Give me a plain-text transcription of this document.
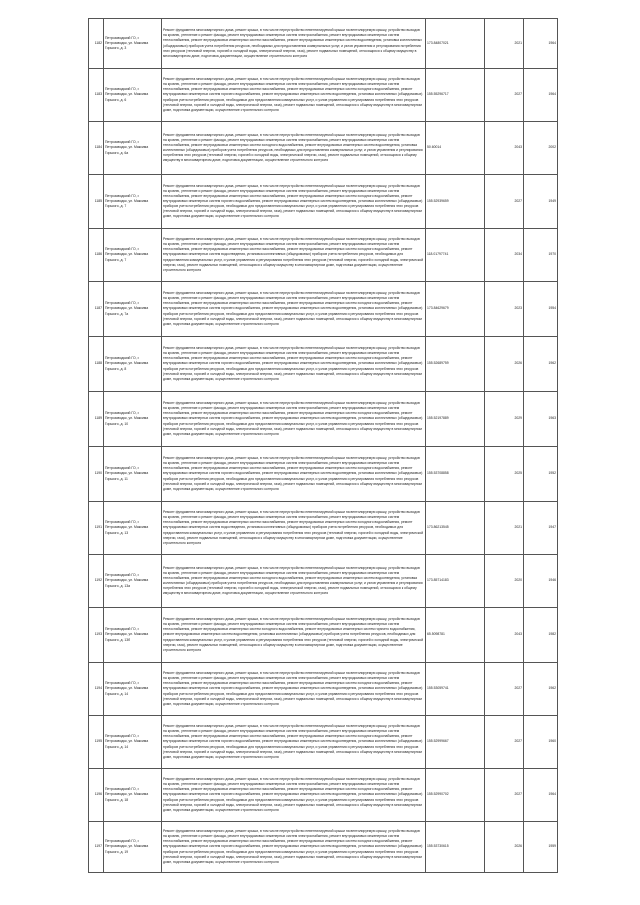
1182	Петрозаводский ГО, г. Петрозаводск, ул. Максима Горького, д. 3	Ремонт фундамента многоквартирного дома, ремонт крыши, в том числе переустройство невентилируемой крыши на вентилируемую крышу, устройство выходов на кровлю, утепление и ремонт фасада, ремонт внутридомовых инженерных систем электроснабжения, ремонт внутридомовых инженерных систем теплоснабжения, ремонт внутридомовых инженерных систем газоснабжения, ремонт внутридомовых инженерных систем водоотведения, установка коллективных (общедомовых) приборов учета потребления ресурсов, необходимых для предоставления коммунальных услуг, и узлов управления и регулирования потребления этих ресурсов (тепловой энергии, горячей и холодной воды, электрической энергии, газа), ремонт подвальных помещений, относящихся к общему имуществу в многоквартирном доме, подготовка документации, осуществление строительного контроля	173.84807021	2021	1964
1183	Петрозаводский ГО, г. Петрозаводск, ул. Максима Горького, д. 6	Ремонт фундамента многоквартирного дома, ремонт крыши, в том числе переустройство невентилируемой крыши на вентилируемую крышу, устройство выходов на кровлю, утепление и ремонт фасада, ремонт внутридомовых инженерных систем электроснабжения, ремонт внутридомовых инженерных систем теплоснабжения, ремонт внутридомовых инженерных систем газоснабжения, ремонт внутридомовых инженерных систем холодного водоснабжения, ремонт внутридомовых инженерных систем горячего водоснабжения, ремонт внутридомовых инженерных систем водоотведения, установка коллективных (общедомовых) приборов учета потребления ресурсов, необходимых для предоставления коммунальных услуг, и узлов управления и регулирования потребления этих ресурсов (тепловой энергии, горячей и холодной воды, электрической энергии, газа), ремонт подвальных помещений, относящихся к общему имуществу в многоквартирном доме, подготовка документации, осуществление строительного контроля	155.55296717	2027	1964
1184	Петрозаводский ГО, г. Петрозаводск, ул. Максима Горького, д. 6а	Ремонт фундамента многоквартирного дома, ремонт крыши, в том числе переустройство невентилируемой крыши на вентилируемую крышу, устройство выходов на кровлю, утепление и ремонт фасада, ремонт внутридомовых инженерных систем электроснабжения, ремонт внутридомовых инженерных систем теплоснабжения, ремонт внутридомовых инженерных систем холодного водоснабжения, ремонт внутридомовых инженерных систем водоотведения, установка коллективных (общедомовых) приборов учета потребления ресурсов, необходимых для предоставления коммунальных услуг, и узлов управления и регулирования потребления этих ресурсов (тепловой энергии, горячей и холодной воды, электрической энергии, газа), ремонт подвальных помещений, относящихся к общему имуществу в многоквартирном доме, подготовка документации, осуществление строительного контроля	50.60014	2043	2002
1185	Петрозаводский ГО, г. Петрозаводск, ул. Максима Горького, д. 7	Ремонт фундамента многоквартирного дома, ремонт крыши, в том числе переустройство невентилируемой крыши на вентилируемую крышу, устройство выходов на кровлю, утепление и ремонт фасада, ремонт внутридомовых инженерных систем электроснабжения, ремонт внутридомовых инженерных систем теплоснабжения, ремонт внутридомовых инженерных систем газоснабжения, ремонт внутридомовых инженерных систем холодного водоснабжения, ремонт внутридомовых инженерных систем горячего водоснабжения, ремонт внутридомовых инженерных систем водоотведения, установка коллективных (общедомовых) приборов учета потребления ресурсов, необходимых для предоставления коммунальных услуг, и узлов управления и регулирования потребления этих ресурсов (тепловой энергии, горячей и холодной воды, электрической энергии, газа), ремонт подвальных помещений, относящихся к общему имуществу в многоквартирном доме, подготовка документации, осуществление строительного контроля	155.52939659	2027	1949
1186	Петрозаводский ГО, г. Петрозаводск, ул. Максима Горького, д. 7	Ремонт фундамента многоквартирного дома, ремонт крыши, в том числе переустройство невентилируемой крыши на вентилируемую крышу, устройство выходов на кровлю, утепление и ремонт фасада, ремонт внутридомовых инженерных систем электроснабжения, ремонт внутридомовых инженерных систем теплоснабжения, ремонт внутридомовых инженерных систем газоснабжения, ремонт внутридомовых инженерных систем холодного водоснабжения, ремонт внутридомовых инженерных систем водоотведения, установка коллективных (общедомовых) приборов учета потребления ресурсов, необходимых для предоставления коммунальных услуг, и узлов управления и регулирования потребления этих ресурсов (тепловой энергии, горячей и холодной воды, электрической энергии, газа), ремонт подвальных помещений, относящихся к общему имуществу в многоквартирном доме, подготовка документации, осуществление строительного контроля	118.01797741	2034	1970
1187	Петрозаводский ГО, г. Петрозаводск, ул. Максима Горького, д. 7а	Ремонт фундамента многоквартирного дома, ремонт крыши, в том числе переустройство невентилируемой крыши на вентилируемую крышу, устройство выходов на кровлю, утепление и ремонт фасада, ремонт внутридомовых инженерных систем электроснабжения, ремонт внутридомовых инженерных систем теплоснабжения, ремонт внутридомовых инженерных систем газоснабжения, ремонт внутридомовых инженерных систем холодного водоснабжения, ремонт внутридомовых инженерных систем горячего водоснабжения, ремонт внутридомовых инженерных систем водоотведения, установка коллективных (общедомовых) приборов учета потребления ресурсов, необходимых для предоставления коммунальных услуг, и узлов управления и регулирования потребления этих ресурсов (тепловой энергии, горячей и холодной воды, электрической энергии, газа), ремонт подвальных помещений, относящихся к общему имуществу в многоквартирном доме, подготовка документации, осуществление строительного контроля	173.84629679	2023	1954
1188	Петрозаводский ГО, г. Петрозаводск, ул. Максима Горького, д. 8	Ремонт фундамента многоквартирного дома, ремонт крыши, в том числе переустройство невентилируемой крыши на вентилируемую крышу, устройство выходов на кровлю, утепление и ремонт фасада, ремонт внутридомовых инженерных систем электроснабжения, ремонт внутридомовых инженерных систем теплоснабжения, ремонт внутридомовых инженерных систем газоснабжения, ремонт внутридомовых инженерных систем холодного водоснабжения, ремонт внутридомовых инженерных систем горячего водоснабжения, ремонт внутридомовых инженерных систем водоотведения, установка коллективных (общедомовых) приборов учета потребления ресурсов, необходимых для предоставления коммунальных услуг, и узлов управления и регулирования потребления этих ресурсов (тепловой энергии, горячей и холодной воды, электрической энергии, газа), ремонт подвальных помещений, относящихся к общему имуществу в многоквартирном доме, подготовка документации, осуществление строительного контроля	155.52689759	2026	1962
1189	Петрозаводский ГО, г. Петрозаводск, ул. Максима Горького, д. 10	Ремонт фундамента многоквартирного дома, ремонт крыши, в том числе переустройство невентилируемой крыши на вентилируемую крышу, устройство выходов на кровлю, утепление и ремонт фасада, ремонт внутридомовых инженерных систем электроснабжения, ремонт внутридомовых инженерных систем теплоснабжения, ремонт внутридомовых инженерных систем газоснабжения, ремонт внутридомовых инженерных систем холодного водоснабжения, ремонт внутридомовых инженерных систем горячего водоснабжения, ремонт внутридомовых инженерных систем водоотведения, установка коллективных (общедомовых) приборов учета потребления ресурсов, необходимых для предоставления коммунальных услуг, и узлов управления и регулирования потребления этих ресурсов (тепловой энергии, горячей и холодной воды, электрической энергии, газа), ремонт подвальных помещений, относящихся к общему имуществу в многоквартирном доме, подготовка документации, осуществление строительного контроля	155.52197889	2029	1963
1190	Петрозаводский ГО, г. Петрозаводск, ул. Максима Горького, д. 11	Ремонт фундамента многоквартирного дома, ремонт крыши, в том числе переустройство невентилируемой крыши на вентилируемую крышу, устройство выходов на кровлю, утепление и ремонт фасада, ремонт внутридомовых инженерных систем электроснабжения, ремонт внутридомовых инженерных систем теплоснабжения, ремонт внутридомовых инженерных систем газоснабжения, ремонт внутридомовых инженерных систем холодного водоснабжения, ремонт внутридомовых инженерных систем горячего водоснабжения, ремонт внутридомовых инженерных систем водоотведения, установка коллективных (общедомовых) приборов учета потребления ресурсов, необходимых для предоставления коммунальных услуг, и узлов управления и регулирования потребления этих ресурсов (тепловой энергии, горячей и холодной воды, электрической энергии, газа), ремонт подвальных помещений, относящихся к общему имуществу в многоквартирном доме, подготовка документации, осуществление строительного контроля	155.53708858	2025	1952
1191	Петрозаводский ГО, г. Петрозаводск, ул. Максима Горького, д. 13	Ремонт фундамента многоквартирного дома, ремонт крыши, в том числе переустройство невентилируемой крыши на вентилируемую крышу, устройство выходов на кровлю, утепление и ремонт фасада, ремонт внутридомовых инженерных систем электроснабжения, ремонт внутридомовых инженерных систем теплоснабжения, ремонт внутридомовых инженерных систем газоснабжения, ремонт внутридомовых инженерных систем холодного водоснабжения, ремонт внутридомовых инженерных систем водоотведения, установка коллективных (общедомовых) приборов учета потребления ресурсов, необходимых для предоставления коммунальных услуг, и узлов управления и регулирования потребления этих ресурсов (тепловой энергии, горячей и холодной воды, электрической энергии, газа), ремонт подвальных помещений, относящихся к общему имуществу в многоквартирном доме, подготовка документации, осуществление строительного контроля	173.86213545	2021	1947
1192	Петрозаводский ГО, г. Петрозаводск, ул. Максима Горького, д. 13а	Ремонт фундамента многоквартирного дома, ремонт крыши, в том числе переустройство невентилируемой крыши на вентилируемую крышу, устройство выходов на кровлю, утепление и ремонт фасада, ремонт внутридомовых инженерных систем электроснабжения, ремонт внутридомовых инженерных систем теплоснабжения, ремонт внутридомовых инженерных систем холодного водоснабжения, ремонт внутридомовых инженерных систем водоотведения, установка коллективных (общедомовых) приборов учета потребления ресурсов, необходимых для предоставления коммунальных услуг, и узлов управления и регулирования потребления этих ресурсов (тепловой энергии, горячей и холодной воды, электрической энергии, газа), ремонт подвальных помещений, относящихся к общему имуществу в многоквартирном доме, подготовка документации, осуществление строительного контроля	173.85714183	2020	1946
1193	Петрозаводский ГО, г. Петрозаводск, ул. Максима Горького, д. 13б	Ремонт фундамента многоквартирного дома, ремонт крыши, в том числе переустройство невентилируемой крыши на вентилируемую крышу, устройство выходов на кровлю, утепление и ремонт фасада, ремонт внутридомовых инженерных систем электроснабжения, ремонт внутридомовых инженерных систем теплоснабжения, ремонт внутридомовых инженерных систем холодного водоснабжения, ремонт внутридомовых инженерных систем горячего водоснабжения, ремонт внутридомовых инженерных систем водоотведения, установка коллективных (общедомовых) приборов учета потребления ресурсов, необходимых для предоставления коммунальных услуг, и узлов управления и регулирования потребления этих ресурсов (тепловой энергии, горячей и холодной воды, электрической энергии, газа), ремонт подвальных помещений, относящихся к общему имуществу в многоквартирном доме, подготовка документации, осуществление строительного контроля	65.5098781	2043	1982
1194	Петрозаводский ГО, г. Петрозаводск, ул. Максима Горького, д. 14	Ремонт фундамента многоквартирного дома, ремонт крыши, в том числе переустройство невентилируемой крыши на вентилируемую крышу, устройство выходов на кровлю, утепление и ремонт фасада, ремонт внутридомовых инженерных систем электроснабжения, ремонт внутридомовых инженерных систем теплоснабжения, ремонт внутридомовых инженерных систем газоснабжения, ремонт внутридомовых инженерных систем холодного водоснабжения, ремонт внутридомовых инженерных систем горячего водоснабжения, ремонт внутридомовых инженерных систем водоотведения, установка коллективных (общедомовых) приборов учета потребления ресурсов, необходимых для предоставления коммунальных услуг, и узлов управления и регулирования потребления этих ресурсов (тепловой энергии, горячей и холодной воды, электрической энергии, газа), ремонт подвальных помещений, относящихся к общему имуществу в многоквартирном доме, подготовка документации, осуществление строительного контроля	155.53059741	2027	1962
1195	Петрозаводский ГО, г. Петрозаводск, ул. Максима Горького, д. 14	Ремонт фундамента многоквартирного дома, ремонт крыши, в том числе переустройство невентилируемой крыши на вентилируемую крышу, устройство выходов на кровлю, утепление и ремонт фасада, ремонт внутридомовых инженерных систем электроснабжения, ремонт внутридомовых инженерных систем теплоснабжения, ремонт внутридомовых инженерных систем газоснабжения, ремонт внутридомовых инженерных систем холодного водоснабжения, ремонт внутридомовых инженерных систем горячего водоснабжения, ремонт внутридомовых инженерных систем водоотведения, установка коллективных (общедомовых) приборов учета потребления ресурсов, необходимых для предоставления коммунальных услуг, и узлов управления и регулирования потребления этих ресурсов (тепловой энергии, горячей и холодной воды, электрической энергии, газа), ремонт подвальных помещений, относящихся к общему имуществу в многоквартирном доме, подготовка документации, осуществление строительного контроля	155.52999667	2027	1960
1196	Петрозаводский ГО, г. Петрозаводск, ул. Максима Горького, д. 18	Ремонт фундамента многоквартирного дома, ремонт крыши, в том числе переустройство невентилируемой крыши на вентилируемую крышу, устройство выходов на кровлю, утепление и ремонт фасада, ремонт внутридомовых инженерных систем электроснабжения, ремонт внутридомовых инженерных систем теплоснабжения, ремонт внутридомовых инженерных систем газоснабжения, ремонт внутридомовых инженерных систем холодного водоснабжения, ремонт внутридомовых инженерных систем горячего водоснабжения, ремонт внутридомовых инженерных систем водоотведения, установка коллективных (общедомовых) приборов учета потребления ресурсов, необходимых для предоставления коммунальных услуг, и узлов управления и регулирования потребления этих ресурсов (тепловой энергии, горячей и холодной воды, электрической энергии, газа), ремонт подвальных помещений, относящихся к общему имуществу в многоквартирном доме, подготовка документации, осуществление строительного контроля	155.52990702	2027	1964
1197	Петрозаводский ГО, г. Петрозаводск, ул. Максима Горького, д. 19	Ремонт фундамента многоквартирного дома, ремонт крыши, в том числе переустройство невентилируемой крыши на вентилируемую крышу, устройство выходов на кровлю, утепление и ремонт фасада, ремонт внутридомовых инженерных систем электроснабжения, ремонт внутридомовых инженерных систем теплоснабжения, ремонт внутридомовых инженерных систем газоснабжения, ремонт внутридомовых инженерных систем холодного водоснабжения, ремонт внутридомовых инженерных систем горячего водоснабжения, ремонт внутридомовых инженерных систем водоотведения, установка коллективных (общедомовых) приборов учета потребления ресурсов, необходимых для предоставления коммунальных услуг, и узлов управления и регулирования потребления этих ресурсов (тепловой энергии, горячей и холодной воды, электрической энергии, газа), ремонт подвальных помещений, относящихся к общему имуществу в многоквартирном доме, подготовка документации, осуществление строительного контроля	155.53730615	2026	1959
